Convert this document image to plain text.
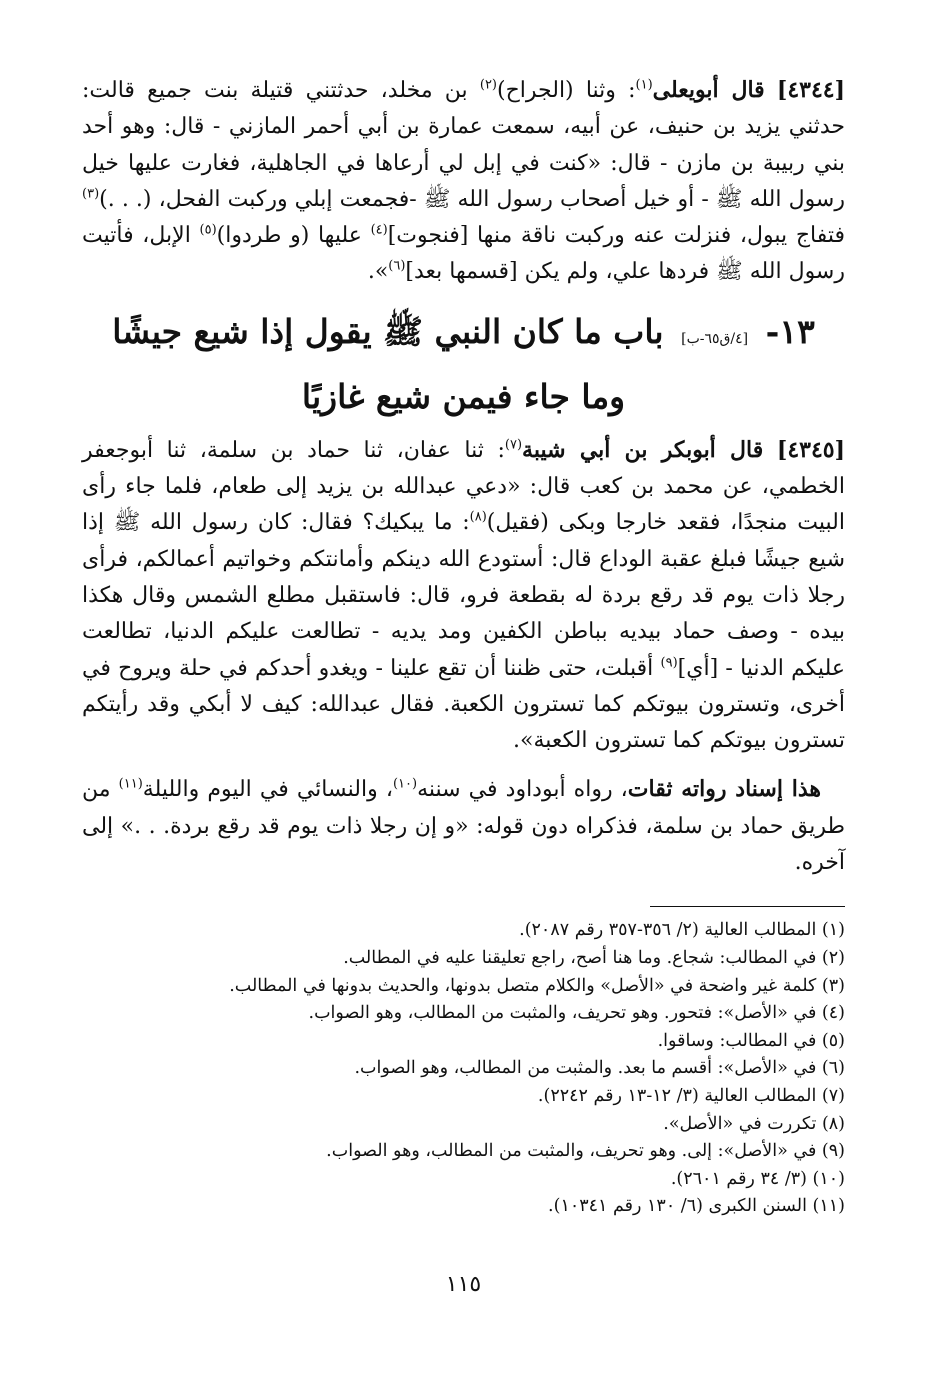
[٤٣٤٤] قال أبويعلى$^{(١)}$: وثنا (الجراح)$^{(٢)}$ بن مخلد، حدثتني قتيلة بنت جميع قالت: حدثني يزيد بن حنيف، عن أبيه، سمعت عمارة بن أبي أحمر المازني - قال: وهو أحد بني ربيبة بن مازن - قال: «كنت في إبل لي أرعاها في الجاهلية، فغارت عليها خيل رسول الله ﷺ - أو خيل أصحاب رسول الله ﷺ -فجمعت إبلي وركبت الفحل، (. . .)$^{(٣)}$ فتفاج يبول، فنزلت عنه وركبت ناقة منها [فنجوت]$^{(٤)}$ عليها (و طردوا)$^{(٥)}$ الإبل، فأتيت رسول الله ﷺ فردها علي، ولم يكن [قسمها بعد]$^{(٦)}$».

١٣- [٤/ق٦٥-ب] باب ما كان النبي ﷺ يقول إذا شيع جيشًا
وما جاء فيمن شيع غازيًا

[٤٣٤٥] قال أبوبكر بن أبي شيبة$^{(٧)}$: ثنا عفان، ثنا حماد بن سلمة، ثنا أبوجعفر الخطمي، عن محمد بن كعب قال: «دعي عبدالله بن يزيد إلى طعام، فلما جاء رأى البيت منجدًا، فقعد خارجا وبكى (فقيل)$^{(٨)}$: ما يبكيك؟ فقال: كان رسول الله ﷺ إذا شيع جيشًا فبلغ عقبة الوداع قال: أستودع الله دينكم وأمانتكم وخواتيم أعمالكم، فرأى رجلا ذات يوم قد رقع بردة له بقطعة فرو، قال: فاستقبل مطلع الشمس وقال هكذا بيده - وصف حماد بيديه بباطن الكفين ومد يديه - تطالعت عليكم الدنيا، تطالعت عليكم الدنيا - [أي]$^{(٩)}$ أقبلت، حتى ظننا أن تقع علينا - ويغدو أحدكم في حلة ويروح في أخرى، وتسترون بيوتكم كما تسترون الكعبة. فقال عبدالله: كيف لا أبكي وقد رأيتكم تسترون بيوتكم كما تسترون الكعبة».

هذا إسناد رواته ثقات، رواه أبوداود في سننه$^{(١٠)}$، والنسائي في اليوم والليلة$^{(١١)}$ من طريق حماد بن سلمة، فذكراه دون قوله: «و إن رجلا ذات يوم قد رقع بردة. . .» إلى آخره.

(١) المطالب العالية (٢/ ٣٥٦-٣٥٧ رقم ٢٠٨٧).

(٢) في المطالب: شجاع. وما هنا أصح، راجع تعليقنا عليه في المطالب.

(٣) كلمة غير واضحة في «الأصل» والكلام متصل بدونها، والحديث بدونها في المطالب.

(٤) في «الأصل»: فتحور. وهو تحريف، والمثبت من المطالب، وهو الصواب.

(٥) في المطالب: وساقوا.

(٦) في «الأصل»: أقسم ما بعد. والمثبت من المطالب، وهو الصواب.

(٧) المطالب العالية (٣/ ١٢-١٣ رقم ٢٢٤٢).

(٨) تكررت في «الأصل».

(٩) في «الأصل»: إلى. وهو تحريف، والمثبت من المطالب، وهو الصواب.

(١٠) (٣/ ٣٤ رقم ٢٦٠١).

(١١) السنن الكبرى (٦/ ١٣٠ رقم ١٠٣٤١).

١١٥
